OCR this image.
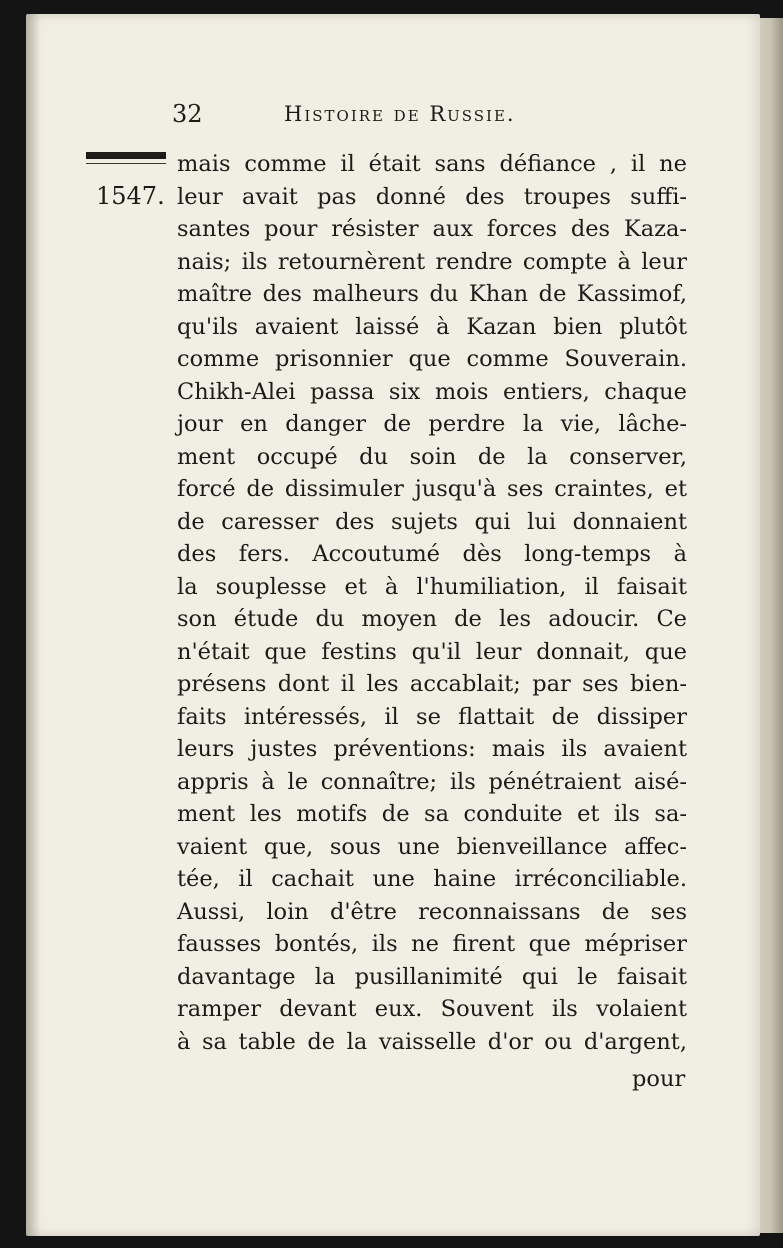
32	Histoire de Russie.
1547.
mais comme il était sans défiance , il ne
leur avait pas donné des troupes suffi-
santes pour résister aux forces des Kaza-
nais; ils retournèrent rendre compte à leur
maître des malheurs du Khan de Kassimof,
qu'ils avaient laissé à Kazan bien plutôt
comme prisonnier que comme Souverain.
Chikh-Alei passa six mois entiers, chaque
jour en danger de perdre la vie, lâche-
ment occupé du soin de la conserver,
forcé de dissimuler jusqu'à ses craintes, et
de caresser des sujets qui lui donnaient
des fers. Accoutumé dès long-temps à
la souplesse et à l'humiliation, il faisait
son étude du moyen de les adoucir. Ce
n'était que festins qu'il leur donnait, que
présens dont il les accablait; par ses bien-
faits intéressés, il se flattait de dissiper
leurs justes préventions: mais ils avaient
appris à le connaître; ils pénétraient aisé-
ment les motifs de sa conduite et ils sa-
vaient que, sous une bienveillance affec-
tée, il cachait une haine irréconciliable.
Aussi, loin d'être reconnaissans de ses
fausses bontés, ils ne firent que mépriser
davantage la pusillanimité qui le faisait
ramper devant eux. Souvent ils volaient
à sa table de la vaisselle d'or ou d'argent,
pour
